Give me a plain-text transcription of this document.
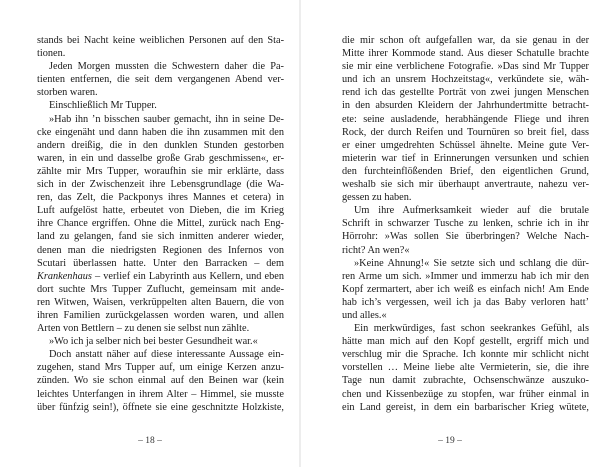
stands bei Nacht keine weiblichen Personen auf den Sta-
tionen.
Jeden Morgen mussten die Schwestern daher die Pa-
tienten entfernen, die seit dem vergangenen Abend ver-
storben waren.
Einschließlich Mr Tupper.
»Hab ihn ’n bisschen sauber gemacht, ihn in seine De-
cke eingenäht und dann haben die ihn zusammen mit den
andern dreißig, die in den dunklen Stunden gestorben
waren, in ein und dasselbe große Grab geschmissen«, er-
zählte mir Mrs Tupper, woraufhin sie mir erklärte, dass
sich in der Zwischenzeit ihre Lebensgrundlage (die Wa-
ren, das Zelt, die Packponys ihres Mannes et cetera) in
Luft aufgelöst hatte, erbeutet von Dieben, die im Krieg
ihre Chance ergriffen. Ohne die Mittel, zurück nach Eng-
land zu gelangen, fand sie sich inmitten anderer wieder,
denen man die niedrigsten Regionen des Infernos von
Scutari überlassen hatte. Unter den Barracken – dem
Krankenhaus – verlief ein Labyrinth aus Kellern, und eben
dort suchte Mrs Tupper Zuflucht, gemeinsam mit ande-
ren Witwen, Waisen, verkrüppelten alten Bauern, die von
ihren Familien zurückgelassen worden waren, und allen
Arten von Bettlern – zu denen sie selbst nun zählte.
»Wo ich ja selber nich bei bester Gesundheit war.«
Doch anstatt näher auf diese interessante Aussage ein-
zugehen, stand Mrs Tupper auf, um einige Kerzen anzu-
zünden. Wo sie schon einmal auf den Beinen war (kein
leichtes Unterfangen in ihrem Alter – Himmel, sie musste
über fünfzig sein!), öffnete sie eine geschnitzte Holzkiste,
– 18 –
die mir schon oft aufgefallen war, da sie genau in der
Mitte ihrer Kommode stand. Aus dieser Schatulle brachte
sie mir eine verblichene Fotografie. »Das sind Mr Tupper
und ich an unsrem Hochzeitstag«, verkündete sie, wäh-
rend ich das gestellte Porträt von zwei jungen Menschen
in den absurden Kleidern der Jahrhundertmitte betracht-
ete: seine ausladende, herabhängende Fliege und ihren
Rock, der durch Reifen und Tournüren so breit fiel, dass
er einer umgedrehten Schüssel ähnelte. Meine gute Ver-
mieterin war tief in Erinnerungen versunken und schien
den furchteinflößenden Brief, den eigentlichen Grund,
weshalb sie sich mir überhaupt anvertraute, nahezu ver-
gessen zu haben.
Um ihre Aufmerksamkeit wieder auf die brutale
Schrift in schwarzer Tusche zu lenken, schrie ich in ihr
Hörrohr: »Was sollen Sie überbringen? Welche Nach-
richt? An wen?«
»Keine Ahnung!« Sie setzte sich und schlang die dür-
ren Arme um sich. »Immer und immerzu hab ich mir den
Kopf zermartert, aber ich weiß es einfach nich! Am Ende
hab ich’s vergessen, weil ich ja das Baby verloren hatt’
und alles.«
Ein merkwürdiges, fast schon seekrankes Gefühl, als
hätte man mich auf den Kopf gestellt, ergriff mich und
verschlug mir die Sprache. Ich konnte mir schlicht nicht
vorstellen … Meine liebe alte Vermieterin, sie, die ihre
Tage nun damit zubrachte, Ochsenschwänze auszuko-
chen und Kissenbezüge zu stopfen, war früher einmal in
ein Land gereist, in dem ein barbarischer Krieg wütete,
– 19 –
